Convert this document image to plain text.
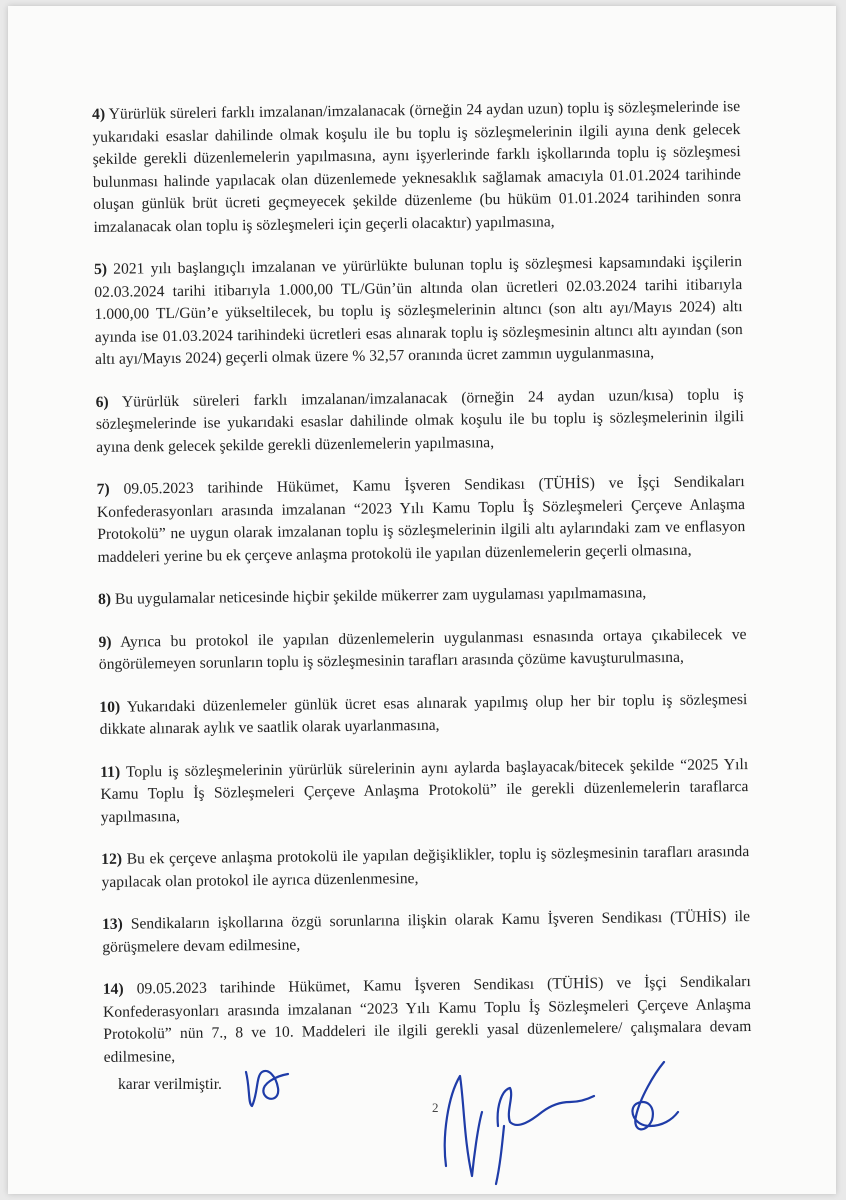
4) Yürürlük süreleri farklı imzalanan/imzalanacak (örneğin 24 aydan uzun) toplu iş sözleşmelerinde ise yukarıdaki esaslar dahilinde olmak koşulu ile bu toplu iş sözleşmelerinin ilgili ayına denk gelecek şekilde gerekli düzenlemelerin yapılmasına, aynı işyerlerinde farklı işkollarında toplu iş sözleşmesi bulunması halinde yapılacak olan düzenlemede yeknesaklık sağlamak amacıyla 01.01.2024 tarihinde oluşan günlük brüt ücreti geçmeyecek şekilde düzenleme (bu hüküm 01.01.2024 tarihinden sonra imzalanacak olan toplu iş sözleşmeleri için geçerli olacaktır) yapılmasına,

5) 2021 yılı başlangıçlı imzalanan ve yürürlükte bulunan toplu iş sözleşmesi kapsamındaki işçilerin 02.03.2024 tarihi itibarıyla 1.000,00 TL/Gün’ün altında olan ücretleri 02.03.2024 tarihi itibarıyla 1.000,00 TL/Gün’e yükseltilecek, bu toplu iş sözleşmelerinin altıncı (son altı ayı/Mayıs 2024) altı ayında ise 01.03.2024 tarihindeki ücretleri esas alınarak toplu iş sözleşmesinin altıncı altı ayından (son altı ayı/Mayıs 2024) geçerli olmak üzere % 32,57 oranında ücret zammın uygulanmasına,

6) Yürürlük süreleri farklı imzalanan/imzalanacak (örneğin 24 aydan uzun/kısa) toplu iş sözleşmelerinde ise yukarıdaki esaslar dahilinde olmak koşulu ile bu toplu iş sözleşmelerinin ilgili ayına denk gelecek şekilde gerekli düzenlemelerin yapılmasına,

7) 09.05.2023 tarihinde Hükümet, Kamu İşveren Sendikası (TÜHİS) ve İşçi Sendikaları Konfederasyonları arasında imzalanan “2023 Yılı Kamu Toplu İş Sözleşmeleri Çerçeve Anlaşma Protokolü” ne uygun olarak imzalanan toplu iş sözleşmelerinin ilgili altı aylarındaki zam ve enflasyon maddeleri yerine bu ek çerçeve anlaşma protokolü ile yapılan düzenlemelerin geçerli olmasına,

8) Bu uygulamalar neticesinde hiçbir şekilde mükerrer zam uygulaması yapılmamasına,

9) Ayrıca bu protokol ile yapılan düzenlemelerin uygulanması esnasında ortaya çıkabilecek ve öngörülemeyen sorunların toplu iş sözleşmesinin tarafları arasında çözüme kavuşturulmasına,

10) Yukarıdaki düzenlemeler günlük ücret esas alınarak yapılmış olup her bir toplu iş sözleşmesi dikkate alınarak aylık ve saatlik olarak uyarlanmasına,

11) Toplu iş sözleşmelerinin yürürlük sürelerinin aynı aylarda başlayacak/bitecek şekilde “2025 Yılı Kamu Toplu İş Sözleşmeleri Çerçeve Anlaşma Protokolü” ile gerekli düzenlemelerin taraflarca yapılmasına,

12) Bu ek çerçeve anlaşma protokolü ile yapılan değişiklikler, toplu iş sözleşmesinin tarafları arasında yapılacak olan protokol ile ayrıca düzenlenmesine,

13) Sendikaların işkollarına özgü sorunlarına ilişkin olarak Kamu İşveren Sendikası (TÜHİS) ile görüşmelere devam edilmesine,

14) 09.05.2023 tarihinde Hükümet, Kamu İşveren Sendikası (TÜHİS) ve İşçi Sendikaları Konfederasyonları arasında imzalanan “2023 Yılı Kamu Toplu İş Sözleşmeleri Çerçeve Anlaşma Protokolü” nün 7., 8 ve 10. Maddeleri ile ilgili gerekli yasal düzenlemelere/ çalışmalara devam edilmesine,

karar verilmiştir.
2
